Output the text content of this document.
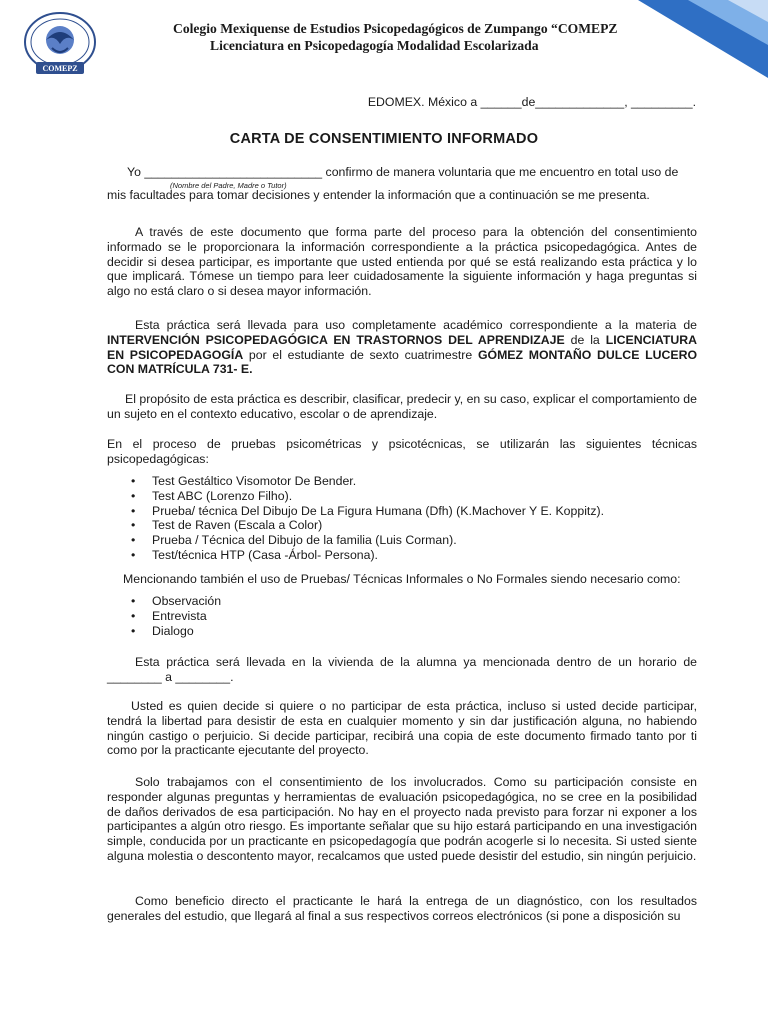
COMEPZ
Colegio Mexiquense de Estudios Psicopedagógicos de Zumpango “COMEPZ
Licenciatura en Psicopedagogía Modalidad Escolarizada
EDOMEX. México a ______de_____________, _________.
CARTA DE CONSENTIMIENTO INFORMADO
Yo __________________________ confirmo de manera voluntaria que me encuentro en total uso de
mis facultades para tomar decisiones y entender la información que a continuación se me presenta.
(Nombre del Padre, Madre o Tutor)

A través de este documento que forma parte del proceso para la obtención del consentimiento informado se le proporcionara la información correspondiente a la práctica psicopedagógica. Antes de decidir si desea participar, es importante que usted entienda por qué se está realizando esta práctica y lo que implicará. Tómese un tiempo para leer cuidadosamente la siguiente información y haga preguntas si algo no está claro o si desea mayor información.

Esta práctica será llevada para uso completamente académico correspondiente a la materia de INTERVENCIÓN PSICOPEDAGÓGICA EN TRASTORNOS DEL APRENDIZAJE de la LICENCIATURA EN PSICOPEDAGOGÍA por el estudiante de sexto cuatrimestre GÓMEZ MONTAÑO DULCE LUCERO CON MATRÍCULA 731- E.

El propósito de esta práctica es describir, clasificar, predecir y, en su caso, explicar el comportamiento de un sujeto en el contexto educativo, escolar o de aprendizaje.

En el proceso de pruebas psicométricas y psicotécnicas, se utilizarán las siguientes técnicas psicopedagógicas:

• Test Gestáltico Visomotor De Bender.
• Test ABC (Lorenzo Filho).
• Prueba/ técnica Del Dibujo De La Figura Humana (Dfh) (K.Machover Y E. Koppitz).
• Test de Raven (Escala a Color)
• Prueba / Técnica del Dibujo de la familia (Luis Corman).
• Test/técnica HTP (Casa -Árbol- Persona).

Mencionando también el uso de Pruebas/ Técnicas Informales o No Formales siendo necesario como:

• Observación
• Entrevista
• Dialogo

Esta práctica será llevada en la vivienda de la alumna ya mencionada dentro de un horario de ________ a ________.

Usted es quien decide si quiere o no participar de esta práctica, incluso si usted decide participar, tendrá la libertad para desistir de esta en cualquier momento y sin dar justificación alguna, no habiendo ningún castigo o perjuicio. Si decide participar, recibirá una copia de este documento firmado tanto por ti como por la practicante ejecutante del proyecto.

Solo trabajamos con el consentimiento de los involucrados. Como su participación consiste en responder algunas preguntas y herramientas de evaluación psicopedagógica, no se cree en la posibilidad de daños derivados de esa participación. No hay en el proyecto nada previsto para forzar ni exponer a los participantes a algún otro riesgo. Es importante señalar que su hijo estará participando en una investigación simple, conducida por un practicante en psicopedagogía que podrán acogerle si lo necesita. Si usted siente alguna molestia o descontento mayor, recalcamos que usted puede desistir del estudio, sin ningún perjuicio.

Como beneficio directo el practicante le hará la entrega de un diagnóstico, con los resultados generales del estudio, que llegará al final a sus respectivos correos electrónicos (si pone a disposición su
